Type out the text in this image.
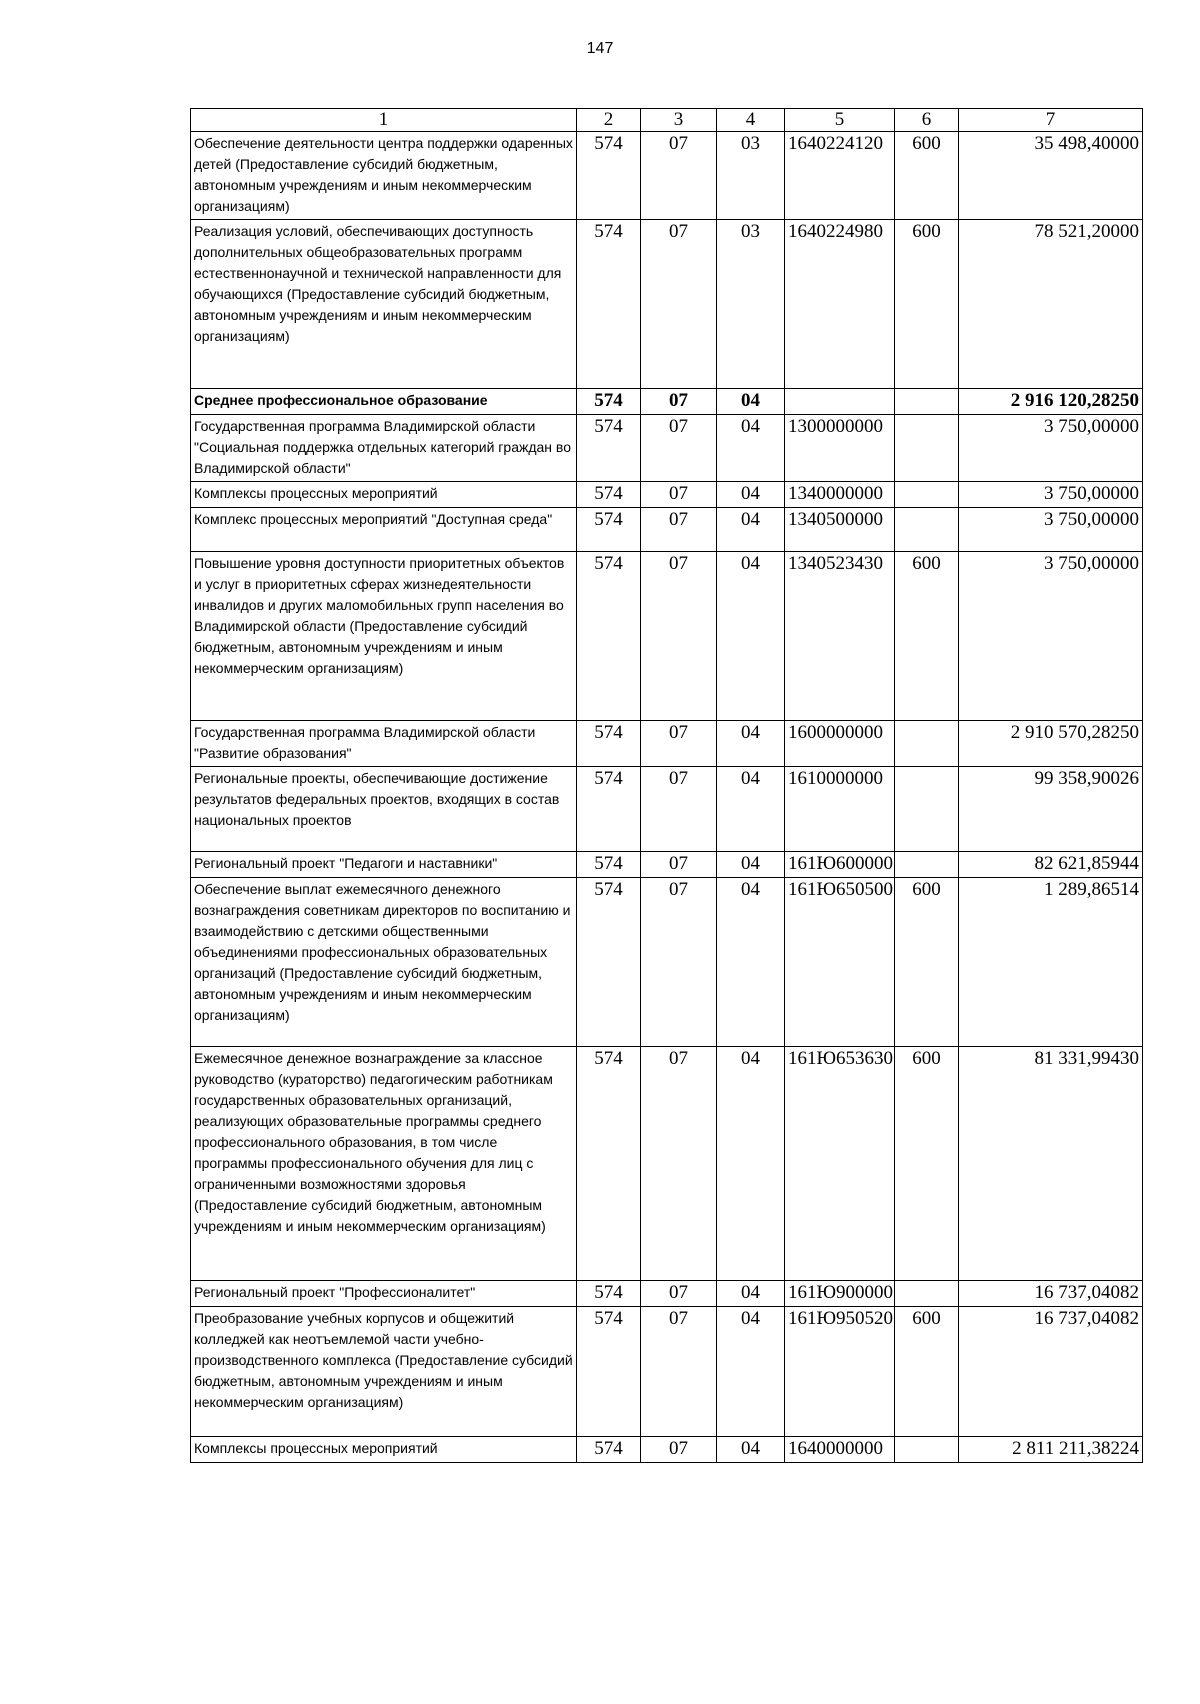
147
1	2	3	4	5	6	7
Обеспечение деятельности центра поддержки одаренных детей (Предоставление субсидий бюджетным, автономным учреждениям и иным некоммерческим организациям)	574	07	03	1640224120	600	35 498,40000
Реализация условий, обеспечивающих доступность дополнительных общеобразовательных программ естественнонаучной и технической направленности для обучающихся (Предоставление субсидий бюджетным, автономным учреждениям и иным некоммерческим организациям)	574	07	03	1640224980	600	78 521,20000
Среднее профессиональное образование	574	07	04			2 916 120,28250
Государственная программа Владимирской области "Социальная поддержка отдельных категорий граждан во Владимирской области"	574	07	04	1300000000		3 750,00000
Комплексы процессных мероприятий	574	07	04	1340000000		3 750,00000
Комплекс процессных мероприятий "Доступная среда"	574	07	04	1340500000		3 750,00000
Повышение уровня доступности приоритетных объектов и услуг в приоритетных сферах жизнедеятельности инвалидов и других маломобильных групп населения во Владимирской области (Предоставление субсидий бюджетным, автономным учреждениям и иным некоммерческим организациям)	574	07	04	1340523430	600	3 750,00000
Государственная программа Владимирской области "Развитие образования"	574	07	04	1600000000		2 910 570,28250
Региональные проекты, обеспечивающие достижение результатов федеральных проектов, входящих в состав национальных проектов	574	07	04	1610000000		99 358,90026
Региональный проект "Педагоги и наставники"	574	07	04	161Ю600000		82 621,85944
Обеспечение выплат ежемесячного денежного вознаграждения советникам директоров по воспитанию и взаимодействию с детскими общественными объединениями профессиональных образовательных организаций (Предоставление субсидий бюджетным, автономным учреждениям и иным некоммерческим организациям)	574	07	04	161Ю650500	600	1 289,86514
Ежемесячное денежное вознаграждение за классное руководство (кураторство) педагогическим работникам государственных образовательных организаций, реализующих образовательные программы среднего профессионального образования, в том числе программы профессионального обучения для лиц с ограниченными возможностями здоровья (Предоставление субсидий бюджетным, автономным учреждениям и иным некоммерческим организациям)	574	07	04	161Ю653630	600	81 331,99430
Региональный проект "Профессионалитет"	574	07	04	161Ю900000		16 737,04082
Преобразование учебных корпусов и общежитий колледжей как неотъемлемой части учебно-производственного комплекса (Предоставление субсидий бюджетным, автономным учреждениям и иным некоммерческим организациям)	574	07	04	161Ю950520	600	16 737,04082
Комплексы процессных мероприятий	574	07	04	1640000000		2 811 211,38224
